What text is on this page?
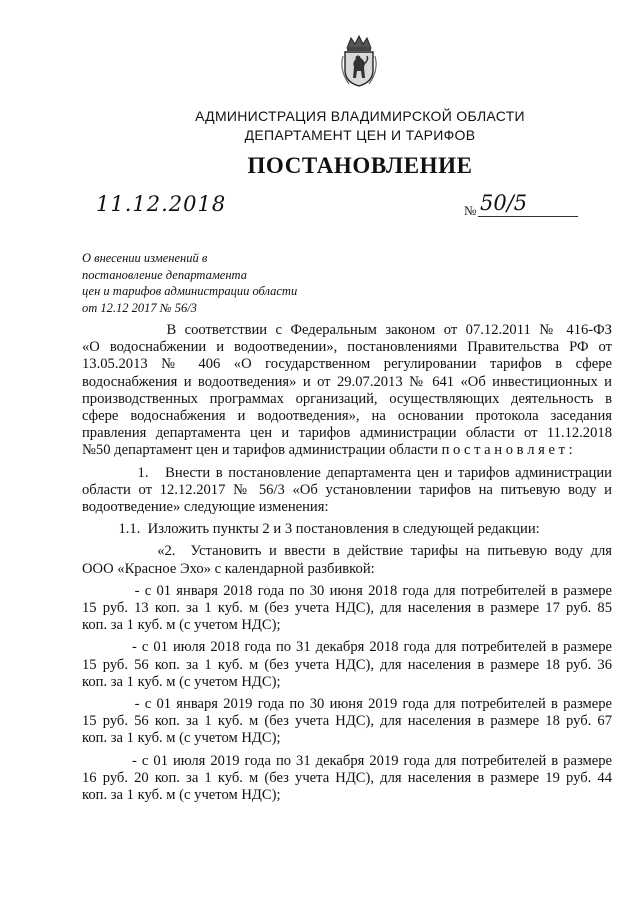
АДМИНИСТРАЦИЯ ВЛАДИМИРСКОЙ ОБЛАСТИ
ДЕПАРТАМЕНТ ЦЕН И ТАРИФОВ
ПОСТАНОВЛЕНИЕ
11.12.2018	№ 50/5
О внесении изменений в
постановление департамента
цен и тарифов администрации области
от 12.12 2017 № 56/3
В соответствии с Федеральным законом от 07.12.2011 № 416-ФЗ
«О водоснабжении и водоотведении», постановлениями Правительства РФ от
13.05.2013 № 406 «О государственном регулировании тарифов в сфере
водоснабжения и водоотведения» и от 29.07.2013 № 641 «Об инвестиционных и
производственных программах организаций, осуществляющих деятельность в
сфере водоснабжения и водоотведения», на основании протокола заседания
правления департамента цен и тарифов администрации области от 11.12.2018
№50 департамент цен и тарифов администрации области п о с т а н о в л я е т :
1.   Внести в постановление департамента цен и тарифов администрации
области от 12.12.2017 № 56/3 «Об установлении тарифов на питьевую воду и
водоотведение» следующие изменения:
1.1.  Изложить пункты 2 и 3 постановления в следующей редакции:
«2.  Установить и ввести в действие тарифы на питьевую воду для
ООО «Красное Эхо» с календарной разбивкой:
- с 01 января 2018 года по 30 июня 2018 года для потребителей в размере
15 руб. 13 коп. за 1 куб. м (без учета НДС), для населения в размере 17 руб. 85
коп. за 1 куб. м (с учетом НДС);
- с 01 июля 2018 года по 31 декабря 2018 года для потребителей в размере
15 руб. 56 коп. за 1 куб. м (без учета НДС), для населения в размере 18 руб. 36
коп. за 1 куб. м (с учетом НДС);
- с 01 января 2019 года по 30 июня 2019 года для потребителей в размере
15 руб. 56 коп. за 1 куб. м (без учета НДС), для населения в размере 18 руб. 67
коп. за 1 куб. м (с учетом НДС);
- с 01 июля 2019 года по 31 декабря 2019 года для потребителей в размере
16 руб. 20 коп. за 1 куб. м (без учета НДС), для населения в размере 19 руб. 44
коп. за 1 куб. м (с учетом НДС);
